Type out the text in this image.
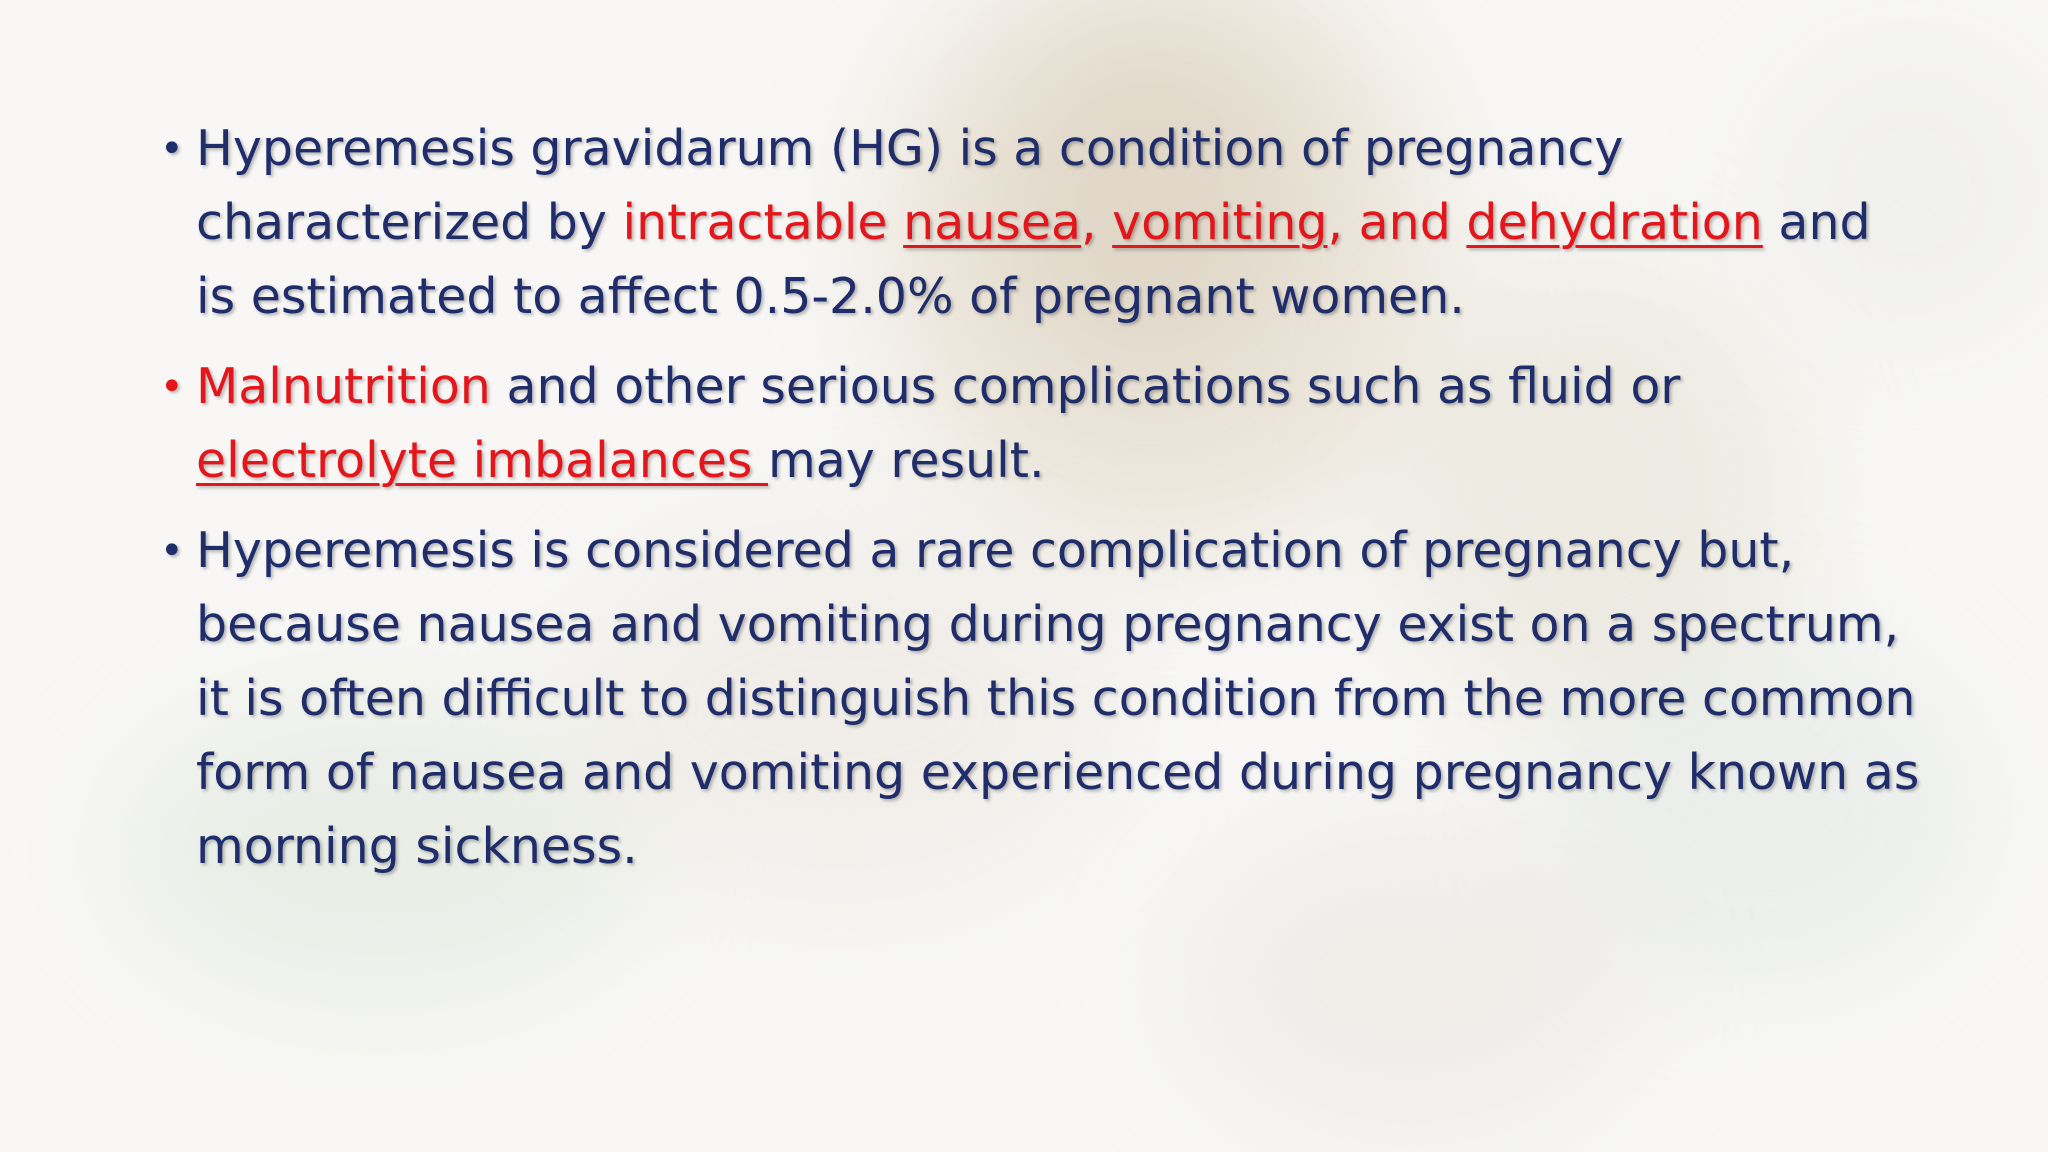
• Hyperemesis gravidarum (HG) is a condition of pregnancy characterized by intractable nausea, vomiting, and dehydration and is estimated to affect 0.5-2.0% of pregnant women.
• Malnutrition and other serious complications such as fluid or electrolyte imbalances may result.
• Hyperemesis is considered a rare complication of pregnancy but, because nausea and vomiting during pregnancy exist on a spectrum, it is often difficult to distinguish this condition from the more common form of nausea and vomiting experienced during pregnancy known as morning sickness.
